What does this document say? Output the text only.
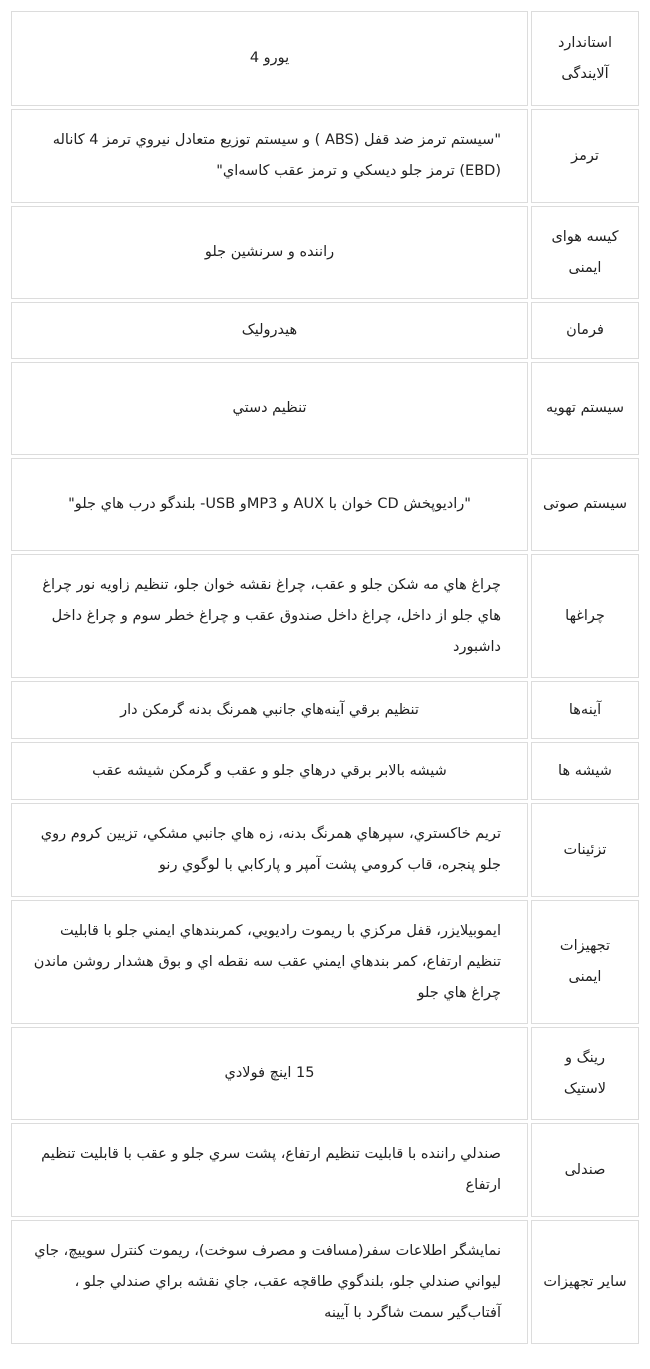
استاندارد آلایندگی	يورو 4
ترمز	"سيستم ترمز ضد قفل (ABS ) و سيستم توزيع متعادل نيروي ترمز 4 کاناله (EBD) ترمز جلو ديسکي و ترمز عقب کاسه‌اي"
کیسه هوای ایمنی	راننده و سرنشين جلو
فرمان	هيدروليک
سیستم تهویه	تنظيم دستي
سیستم صوتی	"راديوپخش CD خوان با AUX و MP3و USB- بلندگو درب هاي جلو"
چراغها	چراغ هاي مه شکن جلو و عقب، چراغ نقشه خوان جلو، تنظيم زاويه نور چراغ هاي جلو از داخل، چراغ داخل صندوق عقب و چراغ خطر سوم و چراغ داخل داشبورد
آینه‌ها	تنظيم برقي آينه‌هاي جانبي همرنگ بدنه گرمکن دار
شیشه ها	شيشه بالابر برقي درهاي جلو و عقب و گرمکن شيشه عقب
تزئینات	تريم خاکستري، سپرهاي همرنگ بدنه، زه هاي جانبي مشکي، تزيين کروم روي جلو پنجره، قاب کرومي پشت آمپر و پارکابي با لوگوي رنو
تجهیزات ایمنی	ايموبيلايزر، قفل مرکزي با ريموت راديويي، کمربندهاي ايمني جلو با قابليت تنظيم ارتفاع، کمر بندهاي ايمني عقب سه نقطه اي و بوق هشدار روشن ماندن چراغ هاي جلو
رینگ و لاستیک	15 اينچ فولادي
صندلی	صندلي راننده با قابليت تنظيم ارتفاع، پشت سري جلو و عقب با قابليت تنظيم ارتفاع
سایر تجهیزات	نمايشگر اطلاعات سفر(مسافت و مصرف سوخت)، ريموت کنترل سوييچ، جاي ليواني صندلي جلو، بلندگوي طاقچه عقب، جاي نقشه براي صندلي جلو ، آفتاب‌گير سمت شاگرد با آيينه
